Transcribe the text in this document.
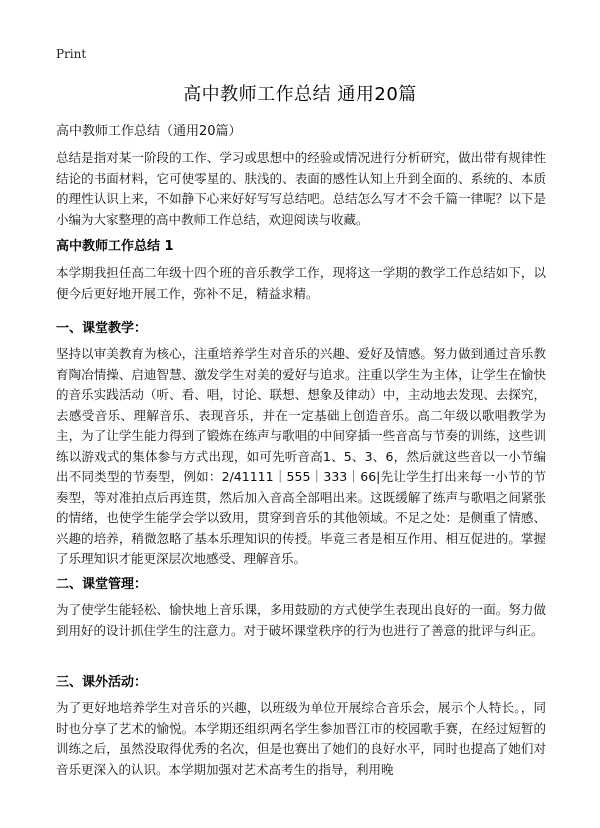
Print
高中教师工作总结 通用20篇
高中教师工作总结（通用20篇）

总结是指对某一阶段的工作、学习或思想中的经验或情况进行分析研究，做出带有规律性结论的书面材料，它可使零星的、肤浅的、表面的感性认知上升到全面的、系统的、本质的理性认识上来，不如静下心来好好写写总结吧。总结怎么写才不会千篇一律呢？以下是小编为大家整理的高中教师工作总结，欢迎阅读与收藏。

高中教师工作总结 1

本学期我担任高二年级十四个班的音乐教学工作，现将这一学期的教学工作总结如下，以便今后更好地开展工作，弥补不足，精益求精。

一、课堂教学：

坚持以审美教育为核心，注重培养学生对音乐的兴趣、爱好及情感。努力做到通过音乐教育陶冶情操、启迪智慧、激发学生对美的爱好与追求。注重以学生为主体，让学生在愉快的音乐实践活动（听、看、唱，讨论、联想、想象及律动）中，主动地去发现、去探究，去感受音乐、理解音乐、表现音乐，并在一定基础上创造音乐。高二年级以歌唱教学为主，为了让学生能力得到了锻炼在练声与歌唱的中间穿插一些音高与节奏的训练，这些训练以游戏式的集体参与方式出现，如可先听音高1、5、3、6，然后就这些音以一小节编出不同类型的节奏型，例如：2/41111｜555｜333｜66|先让学生打出来每一小节的节奏型，等对准拍点后再连贯，然后加入音高全部唱出来。这既缓解了练声与歌唱之间紧张的情绪，也使学生能学会学以致用，贯穿到音乐的其他领域。不足之处：是侧重了情感、兴趣的培养，稍微忽略了基本乐理知识的传授。毕竟三者是相互作用、相互促进的。掌握了乐理知识才能更深层次地感受、理解音乐。

二、课堂管理：

为了使学生能轻松、愉快地上音乐课，多用鼓励的方式使学生表现出良好的一面。努力做到用好的设计抓住学生的注意力。对于破坏课堂秩序的行为也进行了善意的批评与纠正。

三、课外活动：

为了更好地培养学生对音乐的兴趣，以班级为单位开展综合音乐会，展示个人特长。，同时也分享了艺术的愉悦。本学期还组织两名学生参加晋江市的校园歌手赛，在经过短暂的训练之后，虽然没取得优秀的名次，但是也赛出了她们的良好水平，同时也提高了她们对音乐更深入的认识。本学期加强对艺术高考生的指导，利用晚
